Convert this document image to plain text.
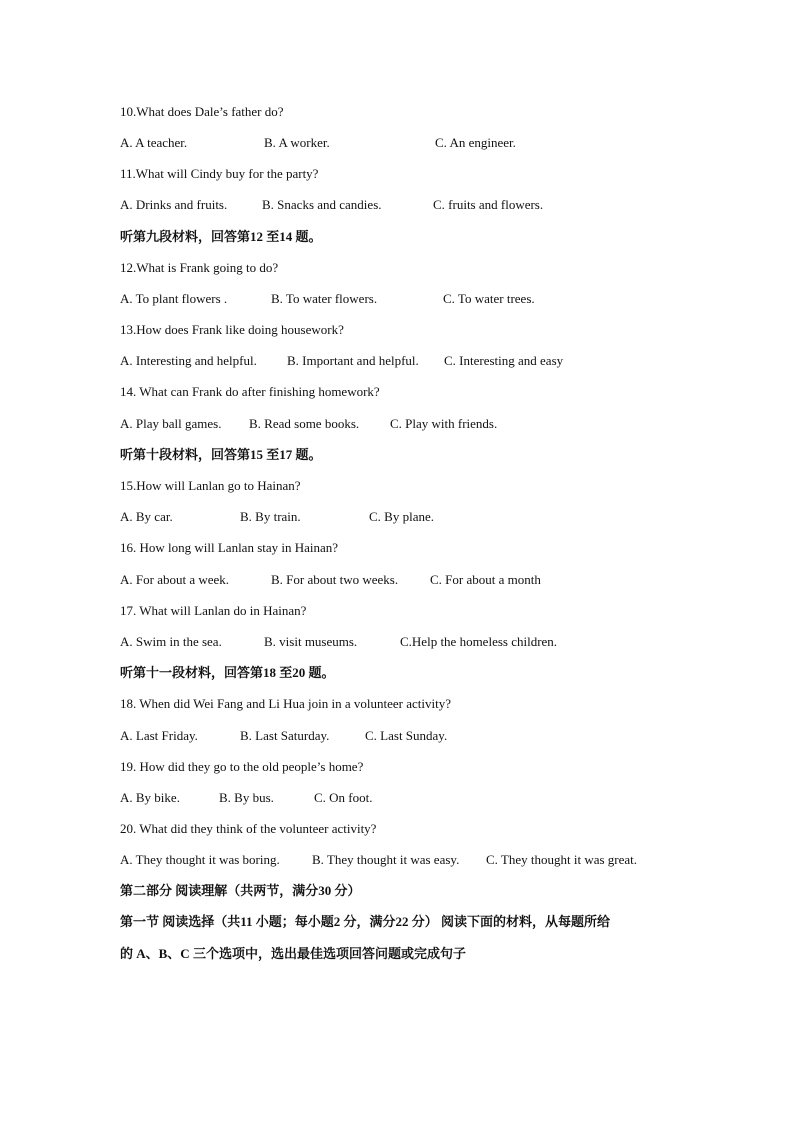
10.What does Dale’s father do?
A. A teacher.	B. A worker.	C. An engineer.
11.What will Cindy buy for the party?
A. Drinks and fruits.	B. Snacks and candies.	C. fruits and flowers.
听第九段材料，回答第12 至14 题。
12.What is Frank going to do?
A. To plant flowers .	B. To water flowers.	C. To water trees.
13.How does Frank like doing housework?
A. Interesting and helpful. B. Important and helpful. C. Interesting and easy
14. What can Frank do after finishing homework?
A. Play ball games. B. Read some books. C. Play with friends.
听第十段材料，回答第15 至17 题。
15.How will Lanlan go to Hainan?
A. By car.	B. By train.	C. By plane.
16. How long will Lanlan stay in Hainan?
A. For about a week.	B. For about two weeks. C. For about a month
17. What will Lanlan do in Hainan?
A. Swim in the sea.	B. visit museums.	C.Help the homeless children.
听第十一段材料，回答第18 至20 题。
18. When did Wei Fang and Li Hua join in a volunteer activity?
A. Last Friday.	B. Last Saturday.	C. Last Sunday.
19. How did they go to the old people’s home?
A. By bike.	B. By bus.	C. On foot.
20. What did they think of the volunteer activity?
A. They thought it was boring. B. They thought it was easy. C. They thought it was great.
第二部分 阅读理解（共两节，满分30 分）
第一节 阅读选择（共11 小题；每小题2 分，满分22 分） 阅读下面的材料，从每题所给
的 A、B、C 三个选项中，选出最佳选项回答问题或完成句子
